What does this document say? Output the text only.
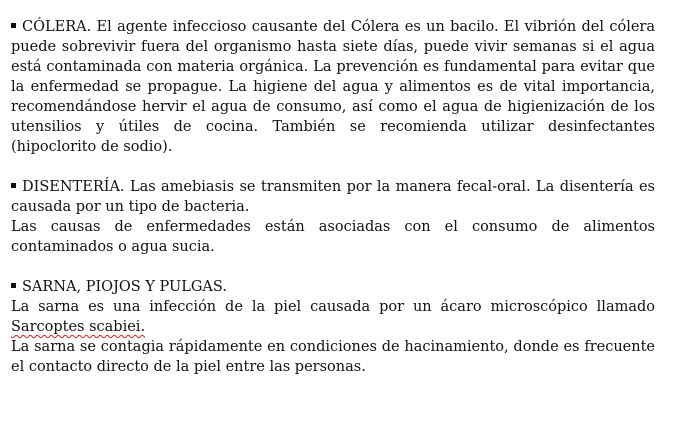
CÓLERA. El agente infeccioso causante del Cólera es un bacilo. El vibrión del cólera puede sobrevivir fuera del organismo hasta siete días, puede vivir semanas si el agua está contaminada con materia orgánica. La prevención es fundamental para evitar que la enfermedad se propague. La higiene del agua y alimentos es de vital importancia, recomendándose hervir el agua de consumo, así como el agua de higienización de los utensilios y útiles de cocina. También se recomienda utilizar desinfectantes (hipoclorito de sodio).

DISENTERÍA. Las amebiasis se transmiten por la manera fecal-oral. La disentería es causada por un tipo de bacteria.

Las causas de enfermedades están asociadas con el consumo de alimentos contaminados o agua sucia.

SARNA, PIOJOS Y PULGAS.

La sarna es una infección de la piel causada por un ácaro microscópico llamado Sarcoptes scabiei.

La sarna se contagia rápidamente en condiciones de hacinamiento, donde es frecuente el contacto directo de la piel entre las personas.
